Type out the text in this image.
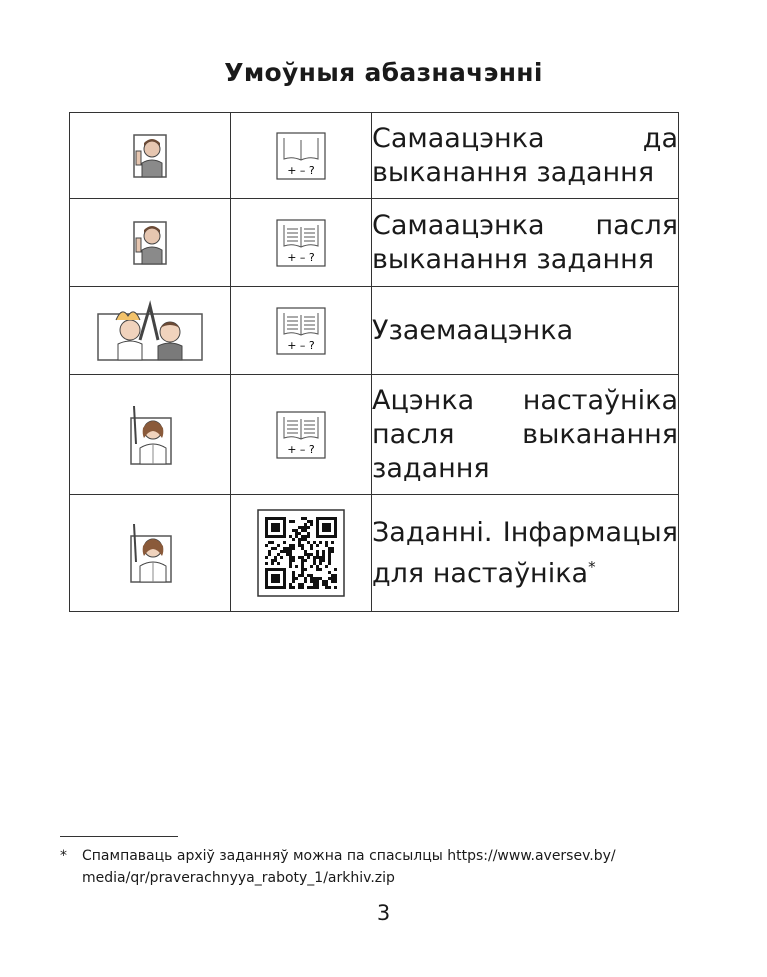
Умоўныя абазначэнні

+ – ?	Самаацэнка да выканання задання

+ – ?	Самаацэнка пасля выканання задання

+ – ?	Узаемаацэнка

+ – ?	Ацэнка настаўніка пасля выканання задання
		Заданні. Інфармацыя для настаўніка*
* Спампаваць архіў заданняў можна па спасылцы https://www.aversev.by/
media/qr/praverachnyya_raboty_1/arkhiv.zip
3
